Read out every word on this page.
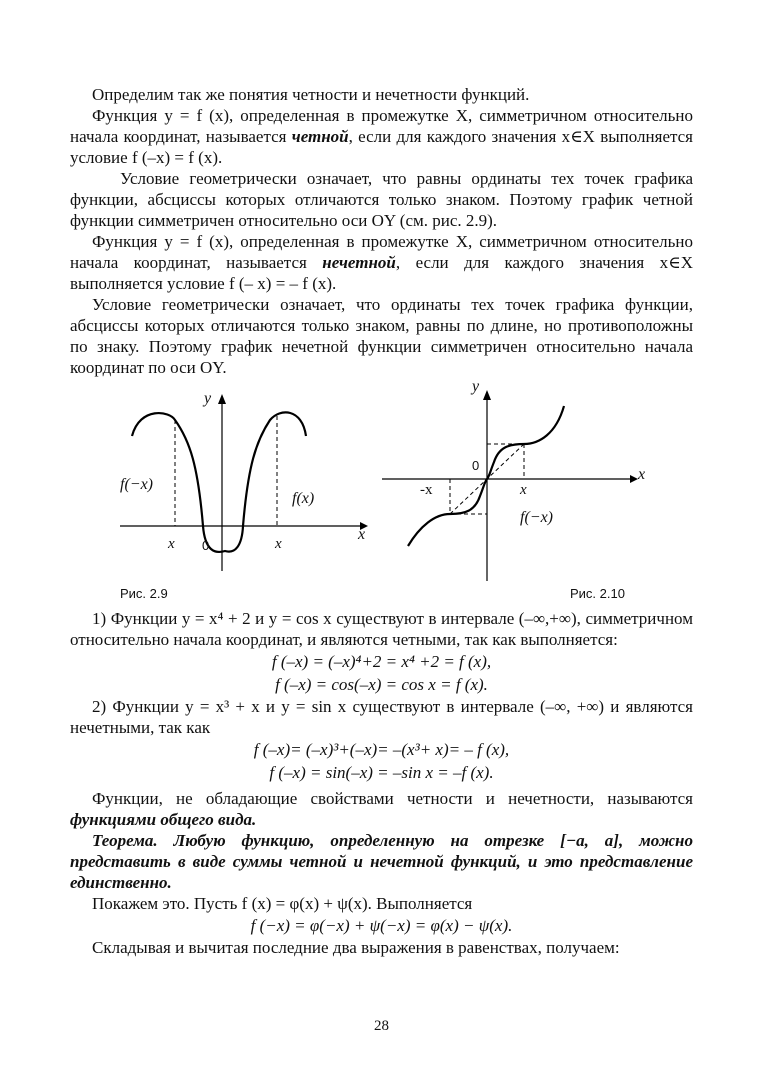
Определим так же понятия четности и нечетности функций.

Функция y = f (x), определенная в промежутке X, симметричном относительно начала координат, называется четной, если для каждого значения x∈X выполняется условие f (–x) = f (x).

Условие геометрически означает, что равны ординаты тех точек графика функции, абсциссы которых отличаются только знаком. Поэтому график четной функции симметричен относительно оси OY (см. рис. 2.9).

Функция y = f (x), определенная в промежутке X, симметричном относительно начала координат, называется нечетной, если для каждого значения x∈X выполняется условие f (– x) = – f (x).

Условие геометрически означает, что ординаты тех точек графика функции, абсциссы которых отличаются только знаком, равны по длине, но противоположны по знаку. Поэтому график нечетной функции симметричен относительно начала координат по оси OY.

y
x
f(−x)
f(x)
x	x
0
Рис. 2.9
y
x
0
-x	x
f(−x)
Рис. 2.10

1) Функции y = x⁴ + 2 и y = cos x существуют в интервале (–∞,+∞), симметричном относительно начала координат, и являются четными, так как выполняется:

f (–x) = (–x)⁴+2 = x⁴ +2 = f (x),
f (–x) = cos(–x) = cos x = f (x).

2) Функции y = x³ + x и y = sin x существуют в интервале (–∞, +∞) и являются нечетными, так как

f (–x)= (–x)³+(–x)= –(x³+ x)= – f (x),
f (–x) = sin(–x) = –sin x = –f (x).

Функции, не обладающие свойствами четности и нечетности, называются функциями общего вида.

Теорема. Любую функцию, определенную на отрезке [−a, a], можно представить в виде суммы четной и нечетной функций, и это представление единственно.

Покажем это. Пусть f (x) = φ(x) + ψ(x). Выполняется

f (−x) = φ(−x) + ψ(−x) = φ(x) − ψ(x).

Складывая и вычитая последние два выражения в равенствах, получаем:

28
